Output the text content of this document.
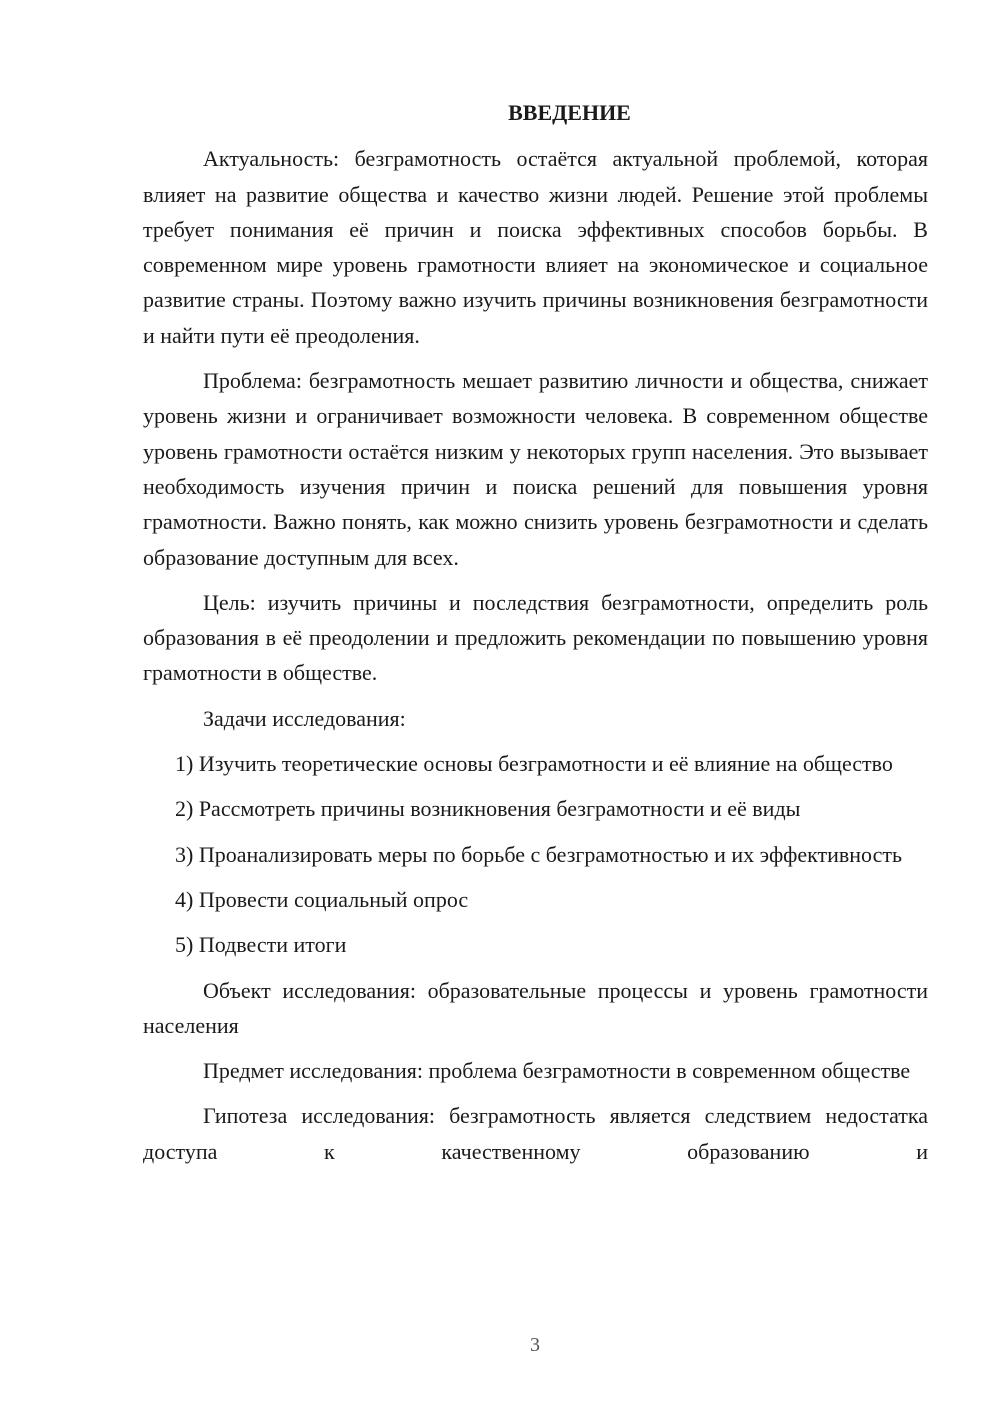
ВВЕДЕНИЕ

Актуальность: безграмотность остаётся актуальной проблемой, которая влияет на развитие общества и качество жизни людей. Решение этой проблемы требует понимания её причин и поиска эффективных способов борьбы. В современном мире уровень грамотности влияет на экономическое и социальное развитие страны. Поэтому важно изучить причины возникновения безграмотности и найти пути её преодоления.

Проблема: безграмотность мешает развитию личности и общества, снижает уровень жизни и ограничивает возможности человека. В современном обществе уровень грамотности остаётся низким у некоторых групп населения. Это вызывает необходимость изучения причин и поиска решений для повышения уровня грамотности. Важно понять, как можно снизить уровень безграмотности и сделать образование доступным для всех.

Цель: изучить причины и последствия безграмотности, определить роль образования в её преодолении и предложить рекомендации по повышению уровня грамотности в обществе.

Задачи исследования:

1) Изучить теоретические основы безграмотности и её влияние на общество

2) Рассмотреть причины возникновения безграмотности и её виды

3) Проанализировать меры по борьбе с безграмотностью и их эффективность

4) Провести социальный опрос

5) Подвести итоги

Объект исследования: образовательные процессы и уровень грамотности населения

Предмет исследования: проблема безграмотности в современном обществе

Гипотеза исследования: безграмотность является следствием недостатка доступа к качественному образованию и

3
